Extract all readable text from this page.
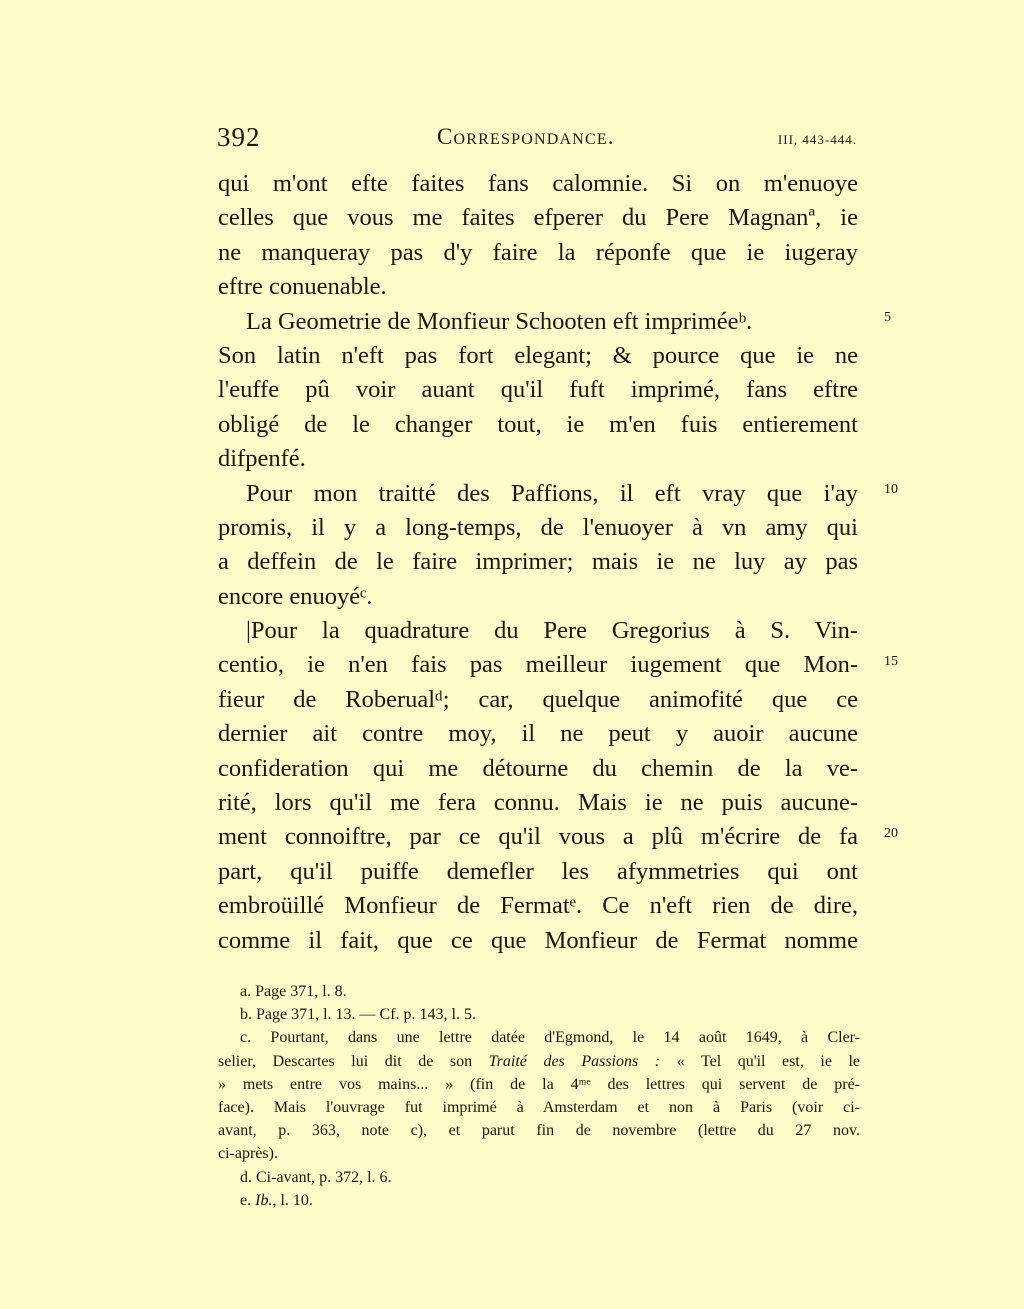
392	Correspondance.	III, 443-444.
qui m'ont efte faites fans calomnie. Si on m'enuoye
celles que vous me faites efperer du Pere Magnanª, ie
ne manqueray pas d'y faire la réponfe que ie iugeray
eftre conuenable.
La Geometrie de Monfieur Schooten eft impriméeᵇ.
Son latin n'eft pas fort elegant; & pource que ie ne
l'euffe pû voir auant qu'il fuft imprimé, fans eftre
obligé de le changer tout, ie m'en fuis entierement
difpenfé.
Pour mon traitté des Paffions, il eft vray que i'ay
promis, il y a long-temps, de l'enuoyer à vn amy qui
a deffein de le faire imprimer; mais ie ne luy ay pas
encore enuoyéᶜ.
|Pour la quadrature du Pere Gregorius à S. Vin-
centio, ie n'en fais pas meilleur iugement que Mon-
fieur de Roberualᵈ; car, quelque animofité que ce
dernier ait contre moy, il ne peut y auoir aucune
confideration qui me détourne du chemin de la ve-
rité, lors qu'il me fera connu. Mais ie ne puis aucune-
ment connoiftre, par ce qu'il vous a plû m'écrire de fa
part, qu'il puiffe demefler les afymmetries qui ont
embroüillé Monfieur de Fermatᵉ. Ce n'eft rien de dire,
comme il fait, que ce que Monfieur de Fermat nomme
5
10
15
20
a. Page 371, l. 8.
b. Page 371, l. 13. — Cf. p. 143, l. 5.
c. Pourtant, dans une lettre datée d'Egmond, le 14 août 1649, à Cler-
selier, Descartes lui dit de son Traité des Passions : « Tel qu'il est, ie le
» mets entre vos mains... » (fin de la 4ᵐᵉ des lettres qui servent de pré-
face). Mais l'ouvrage fut imprimé à Amsterdam et non à Paris (voir ci-
avant, p. 363, note c), et parut fin de novembre (lettre du 27 nov.
ci-après).
d. Ci-avant, p. 372, l. 6.
e. Ib., l. 10.
